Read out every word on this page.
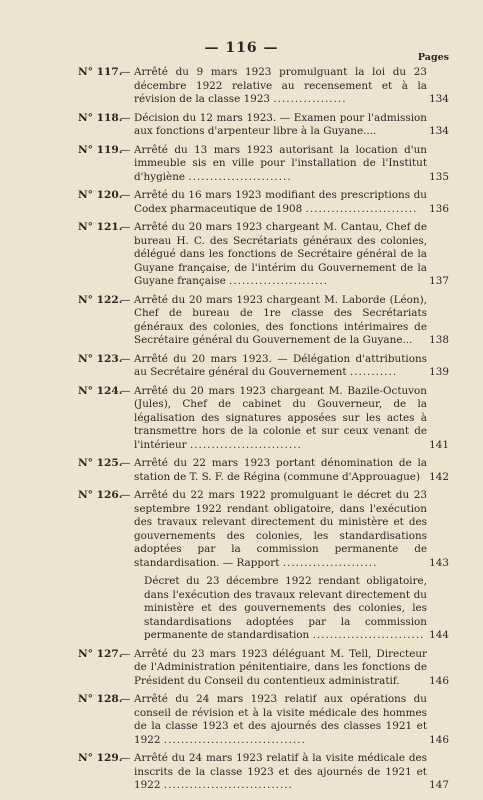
— 116 —
Pages
N° 117.
— Arrêté du 9 mars 1923 promulguant la loi du 23 décembre 1922 relative au recensement et à la révision de la classe 1923 .................	134
N° 118.
— Décision du 12 mars 1923. — Examen pour l'admission aux fonctions d'arpenteur libre à la Guyane....	134
N° 119.
— Arrêté du 13 mars 1923 autorisant la location d'un immeuble sis en ville pour l'installation de l'Institut d'hygiène ........................	135
N° 120.
— Arrêté du 16 mars 1923 modifiant des prescriptions du Codex pharmaceutique de 1908 ..........................	136
N° 121.
— Arrêté du 20 mars 1923 chargeant M. Cantau, Chef de bureau H. C. des Secrétariats généraux des colonies, délégué dans les fonctions de Secrétaire général de la Guyane française, de l'intérim du Gouvernement de la Guyane française .......................	137
N° 122.
— Arrêté du 20 mars 1923 chargeant M. Laborde (Léon), Chef de bureau de 1re classe des Secrétariats généraux des colonies, des fonctions intérimaires de Secrétaire général du Gouvernement de la Guyane...	138
N° 123.
— Arrêté du 20 mars 1923. — Délégation d'attributions au Secrétaire général du Gouvernement ...........	139
N° 124.
— Arrêté du 20 mars 1923 chargeant M. Bazile-Octuvon (Jules), Chef de cabinet du Gouverneur, de la légalisation des signatures apposées sur les actes à transmettre hors de la colonie et sur ceux venant de l'intérieur ..........................	141
N° 125.
— Arrêté du 22 mars 1923 portant dénomination de la station de T. S. F. de Régina (commune d'Approuague) 142
N° 126.
— Arrêté du 22 mars 1922 promulguant le décret du 23 septembre 1922 rendant obligatoire, dans l'exécution des travaux relevant directement du ministère et des gouvernements des colonies, les standardisations adoptées par la commission permanente de standardisation. — Rapport ......................	143
Décret du 23 décembre 1922 rendant obligatoire, dans l'exécution des travaux relevant directement du ministère et des gouvernements des colonies, les standardisations adoptées par la commission permanente de standardisation .......................... 144
N° 127.
— Arrêté du 23 mars 1923 déléguant M. Tell, Directeur de l'Administration pénitentiaire, dans les fonctions de Président du Conseil du contentieux administratif.	146
N° 128.
— Arrêté du 24 mars 1923 relatif aux opérations du conseil de révision et à la visite médicale des hommes de la classe 1923 et des ajournés des classes 1921 et 1922 .................................	146
N° 129.
— Arrêté du 24 mars 1923 relatif à la visite médicale des inscrits de la classe 1923 et des ajournés de 1921 et 1922 ..............................	147
